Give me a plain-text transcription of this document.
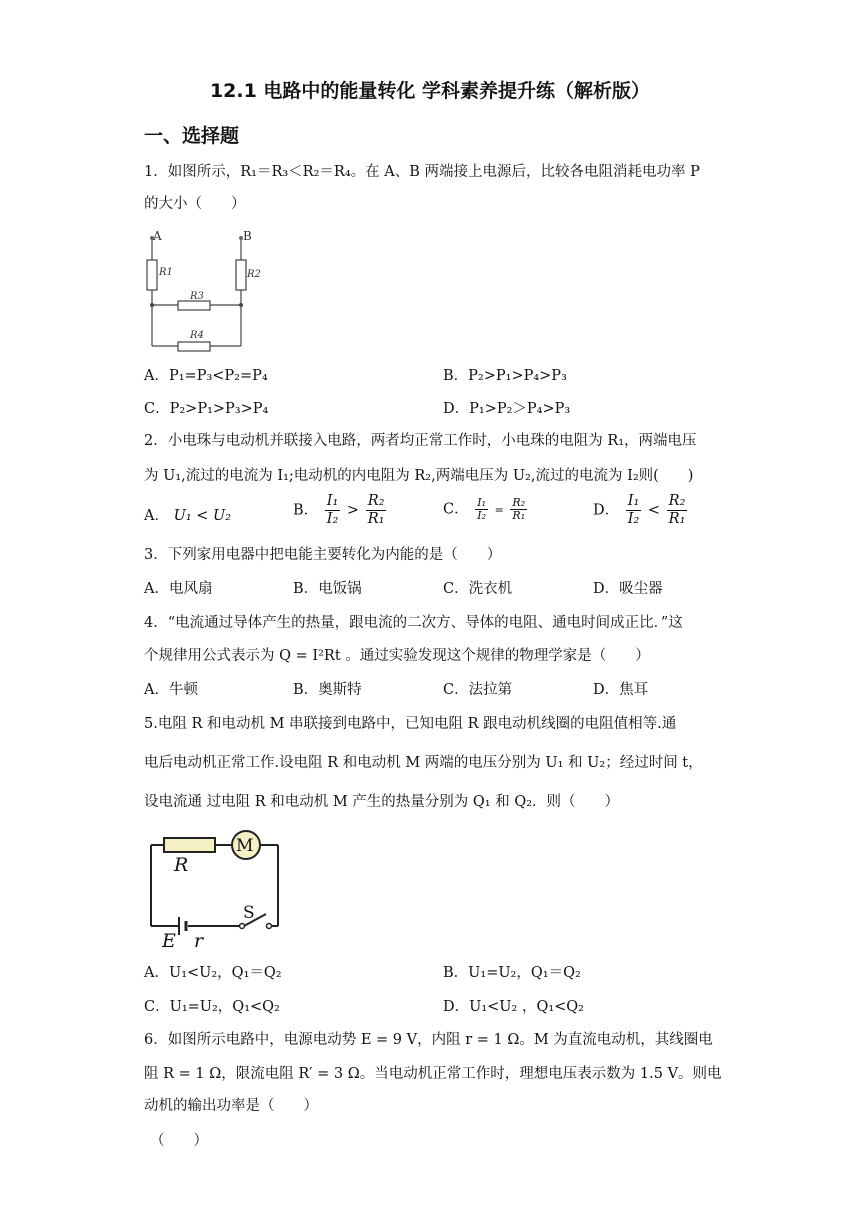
12.1 电路中的能量转化 学科素养提升练（解析版）
一、选择题
1．如图所示，R₁＝R₃＜R₂＝R₄。在 A、B 两端接上电源后，比较各电阻消耗电功率 P
的大小（　　）
A	B
R1	R2
R3
R4
A．P₁=P₃<P₂=P₄	B．P₂>P₁>P₄>P₃
C．P₂>P₁>P₃>P₄	D．P₁>P₂＞P₄>P₃
2．小电珠与电动机并联接入电路，两者均正常工作时，小电珠的电阻为 R₁，两端电压
为 U₁,流过的电流为 I₁;电动机的内电阻为 R₂,两端电压为 U₂,流过的电流为 I₂则(　　)
A． U₁ < U₂	B． $\frac{\text{I₁}}{\text{I₂}} > \frac{\text{R₂}}{\text{R₁}}$	C． $\frac{\text{I₁}}{\text{I₂}} = \frac{\text{R₂}}{\text{R₁}}$	D． $\frac{\text{I₁}}{\text{I₂}} < \frac{\text{R₂}}{\text{R₁}}$
3．下列家用电器中把电能主要转化为内能的是（　　）
A．电风扇	B．电饭锅	C．洗衣机	D．吸尘器
4．“电流通过导体产生的热量，跟电流的二次方、导体的电阻、通电时间成正比．”这
个规律用公式表示为 Q = I²Rt 。通过实验发现这个规律的物理学家是（　　）
A．牛顿	B．奥斯特	C．法拉第	D．焦耳
5.电阻 R 和电动机 M 串联接到电路中，已知电阻 R 跟电动机线圈的电阻值相等.通
电后电动机正常工作.设电阻 R 和电动机 M 两端的电压分别为 U₁ 和 U₂；经过时间 t，
设电流通 过电阻 R 和电动机 M 产生的热量分别为 Q₁ 和 Q₂．则（　　）
M
R
S
E r
A．U₁<U₂，Q₁＝Q₂	B．U₁=U₂，Q₁＝Q₂
C．U₁=U₂，Q₁<Q₂	D．U₁<U₂ ，Q₁<Q₂
6．如图所示电路中，电源电动势 E = 9 V，内阻 r = 1 Ω。M 为直流电动机，其线圈电
阻 R = 1 Ω，限流电阻 R′ = 3 Ω。当电动机正常工作时，理想电压表示数为 1.5 V。则电
动机的输出功率是（　　）
（　　）
